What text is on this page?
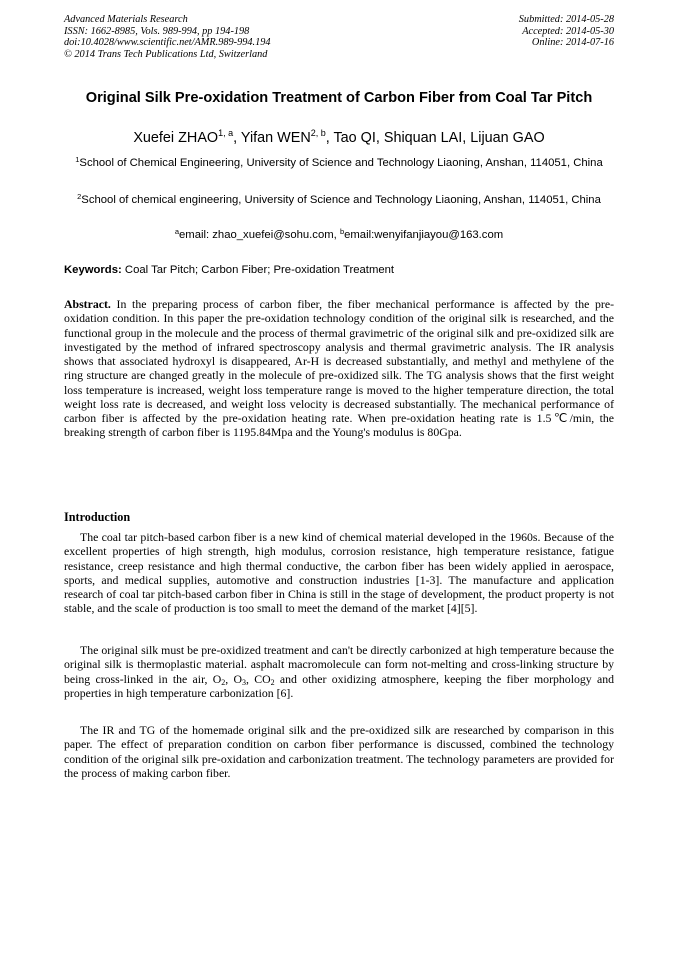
Advanced Materials Research
ISSN: 1662-8985, Vols. 989-994, pp 194-198
doi:10.4028/www.scientific.net/AMR.989-994.194
© 2014 Trans Tech Publications Ltd, Switzerland
Submitted: 2014-05-28
Accepted: 2014-05-30
Online: 2014-07-16
Original Silk Pre-oxidation Treatment of Carbon Fiber from Coal Tar Pitch
Xuefei ZHAO$^{1, a}$, Yifan WEN$^{2, b}$, Tao QI, Shiquan LAI, Lijuan GAO
$^1$School of Chemical Engineering, University of Science and Technology Liaoning, Anshan, 114051, China
$^2$School of chemical engineering, University of Science and Technology Liaoning, Anshan, 114051, China
$^a$email: zhao_xuefei@sohu.com, $^b$email:wenyifanjiayou@163.com
Keywords: Coal Tar Pitch; Carbon Fiber; Pre-oxidation Treatment
Abstract. In the preparing process of carbon fiber, the fiber mechanical performance is affected by the pre-oxidation condition. In this paper the pre-oxidation technology condition of the original silk is researched, and the functional group in the molecule and the process of thermal gravimetric of the original silk and pre-oxidized silk are investigated by the method of infrared spectroscopy analysis and thermal gravimetric analysis. The IR analysis shows that associated hydroxyl is disappeared, Ar-H is decreased substantially, and methyl and methylene of the ring structure are changed greatly in the molecule of pre-oxidized silk. The TG analysis shows that the first weight loss temperature is increased, weight loss temperature range is moved to the higher temperature direction, the total weight loss rate is decreased, and weight loss velocity is decreased substantially. The mechanical performance of carbon fiber is affected by the pre-oxidation heating rate. When pre-oxidation heating rate is 1.5℃/min, the breaking strength of carbon fiber is 1195.84Mpa and the Young's modulus is 80Gpa.
Introduction
The coal tar pitch-based carbon fiber is a new kind of chemical material developed in the 1960s. Because of the excellent properties of high strength, high modulus, corrosion resistance, high temperature resistance, fatigue resistance, creep resistance and high thermal conductive, the carbon fiber has been widely applied in aerospace, sports, and medical supplies, automotive and construction industries [1-3]. The manufacture and application research of coal tar pitch-based carbon fiber in China is still in the stage of development, the product property is not stable, and the scale of production is too small to meet the demand of the market [4][5].
The original silk must be pre-oxidized treatment and can't be directly carbonized at high temperature because the original silk is thermoplastic material. asphalt macromolecule can form not-melting and cross-linking structure by being cross-linked in the air, $O_2$, $O_3$, $CO_2$ and other oxidizing atmosphere, keeping the fiber morphology and properties in high temperature carbonization [6].
The IR and TG of the homemade original silk and the pre-oxidized silk are researched by comparison in this paper. The effect of preparation condition on carbon fiber performance is discussed, combined the technology condition of the original silk pre-oxidation and carbonization treatment. The technology parameters are provided for the process of making carbon fiber.
